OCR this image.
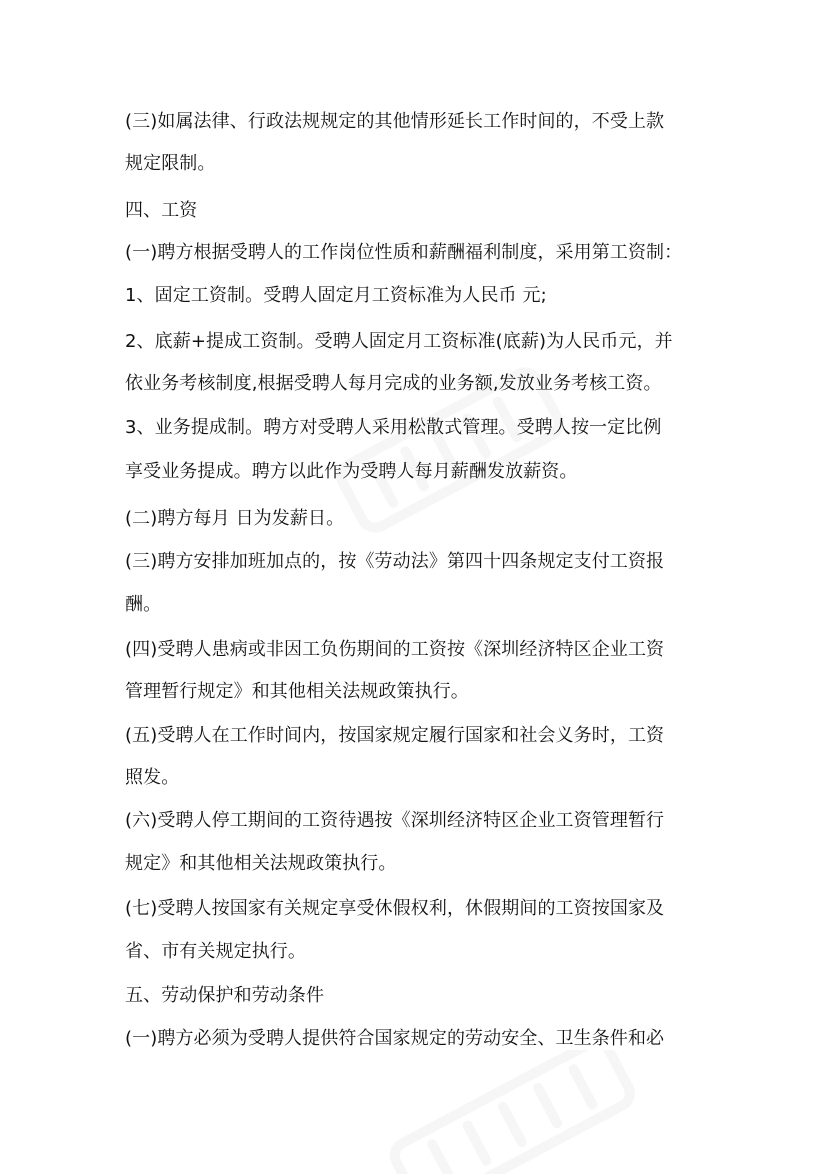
(三)如属法律、行政法规规定的其他情形延长工作时间的，不受上款
规定限制。
四、工资
(一)聘方根据受聘人的工作岗位性质和薪酬福利制度，采用第工资制：
1、固定工资制。受聘人固定月工资标准为人民币 元;
2、底薪+提成工资制。受聘人固定月工资标准(底薪)为人民币元，并
依业务考核制度,根据受聘人每月完成的业务额,发放业务考核工资。
3、业务提成制。聘方对受聘人采用松散式管理。受聘人按一定比例
享受业务提成。聘方以此作为受聘人每月薪酬发放薪资。
(二)聘方每月 日为发薪日。
(三)聘方安排加班加点的，按《劳动法》第四十四条规定支付工资报
酬。
(四)受聘人患病或非因工负伤期间的工资按《深圳经济特区企业工资
管理暂行规定》和其他相关法规政策执行。
(五)受聘人在工作时间内，按国家规定履行国家和社会义务时，工资
照发。
(六)受聘人停工期间的工资待遇按《深圳经济特区企业工资管理暂行
规定》和其他相关法规政策执行。
(七)受聘人按国家有关规定享受休假权利，休假期间的工资按国家及
省、市有关规定执行。
五、劳动保护和劳动条件
(一)聘方必须为受聘人提供符合国家规定的劳动安全、卫生条件和必
